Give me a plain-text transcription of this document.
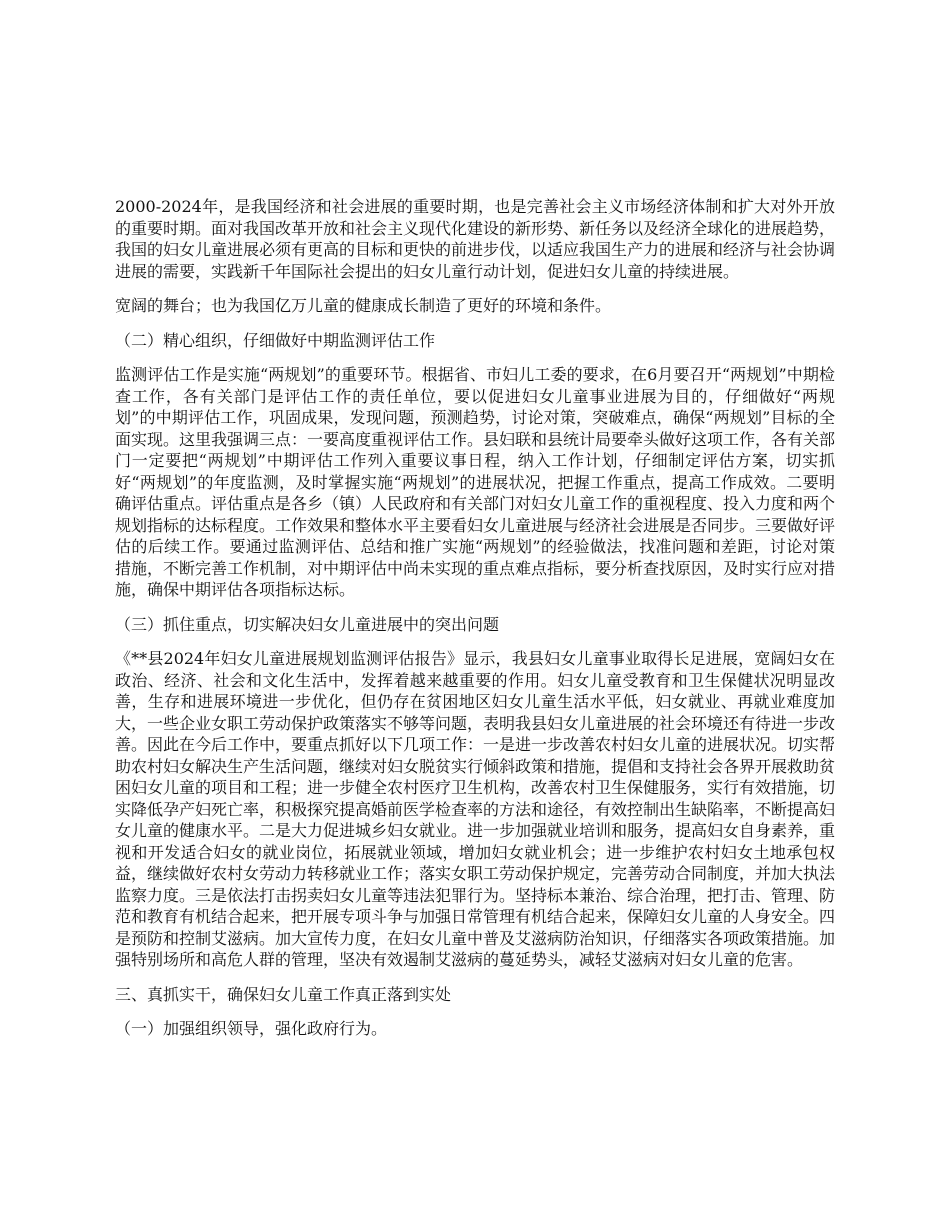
2000-2024年，是我国经济和社会进展的重要时期，也是完善社会主义市场经济体制和扩大对外开放的重要时期。面对我国改革开放和社会主义现代化建设的新形势、新任务以及经济全球化的进展趋势，我国的妇女儿童进展必须有更高的目标和更快的前进步伐，以适应我国生产力的进展和经济与社会协调进展的需要，实践新千年国际社会提出的妇女儿童行动计划，促进妇女儿童的持续进展。

宽阔的舞台；也为我国亿万儿童的健康成长制造了更好的环境和条件。

（二）精心组织，仔细做好中期监测评估工作

监测评估工作是实施“两规划”的重要环节。根据省、市妇儿工委的要求，在6月要召开“两规划”中期检查工作，各有关部门是评估工作的责任单位，要以促进妇女儿童事业进展为目的，仔细做好“两规划”的中期评估工作，巩固成果，发现问题，预测趋势，讨论对策，突破难点，确保“两规划”目标的全面实现。这里我强调三点：一要高度重视评估工作。县妇联和县统计局要牵头做好这项工作，各有关部门一定要把“两规划”中期评估工作列入重要议事日程，纳入工作计划，仔细制定评估方案，切实抓好“两规划”的年度监测，及时掌握实施“两规划”的进展状况，把握工作重点，提高工作成效。二要明确评估重点。评估重点是各乡（镇）人民政府和有关部门对妇女儿童工作的重视程度、投入力度和两个规划指标的达标程度。工作效果和整体水平主要看妇女儿童进展与经济社会进展是否同步。三要做好评估的后续工作。要通过监测评估、总结和推广实施“两规划”的经验做法，找准问题和差距，讨论对策措施，不断完善工作机制，对中期评估中尚未实现的重点难点指标，要分析查找原因，及时实行应对措施，确保中期评估各项指标达标。

（三）抓住重点，切实解决妇女儿童进展中的突出问题

《**县2024年妇女儿童进展规划监测评估报告》显示，我县妇女儿童事业取得长足进展，宽阔妇女在政治、经济、社会和文化生活中，发挥着越来越重要的作用。妇女儿童受教育和卫生保健状况明显改善，生存和进展环境进一步优化，但仍存在贫困地区妇女儿童生活水平低，妇女就业、再就业难度加大，一些企业女职工劳动保护政策落实不够等问题，表明我县妇女儿童进展的社会环境还有待进一步改善。因此在今后工作中，要重点抓好以下几项工作：一是进一步改善农村妇女儿童的进展状况。切实帮助农村妇女解决生产生活问题，继续对妇女脱贫实行倾斜政策和措施，提倡和支持社会各界开展救助贫困妇女儿童的项目和工程；进一步健全农村医疗卫生机构，改善农村卫生保健服务，实行有效措施，切实降低孕产妇死亡率，积极探究提高婚前医学检查率的方法和途径，有效控制出生缺陷率，不断提高妇女儿童的健康水平。二是大力促进城乡妇女就业。进一步加强就业培训和服务，提高妇女自身素养，重视和开发适合妇女的就业岗位，拓展就业领域，增加妇女就业机会；进一步维护农村妇女土地承包权益，继续做好农村女劳动力转移就业工作；落实女职工劳动保护规定，完善劳动合同制度，并加大执法监察力度。三是依法打击拐卖妇女儿童等违法犯罪行为。坚持标本兼治、综合治理，把打击、管理、防范和教育有机结合起来，把开展专项斗争与加强日常管理有机结合起来，保障妇女儿童的人身安全。四是预防和控制艾滋病。加大宣传力度，在妇女儿童中普及艾滋病防治知识，仔细落实各项政策措施。加强特别场所和高危人群的管理，坚决有效遏制艾滋病的蔓延势头，减轻艾滋病对妇女儿童的危害。

三、真抓实干，确保妇女儿童工作真正落到实处

（一）加强组织领导，强化政府行为。
